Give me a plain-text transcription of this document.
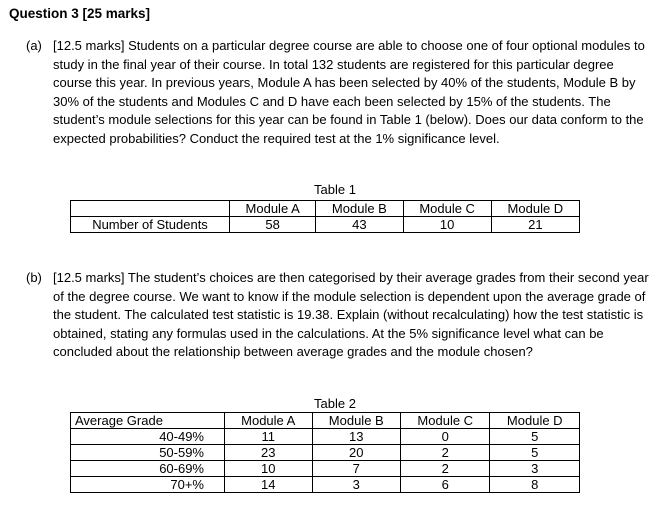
Question 3 [25 marks]
(a) [12.5 marks] Students on a particular degree course are able to choose one of four optional modules to study in the final year of their course. In total 132 students are registered for this particular degree course this year. In previous years, Module A has been selected by 40% of the students, Module B by 30% of the students and Modules C and D have each been selected by 15% of the students. The student’s module selections for this year can be found in Table 1 (below). Does our data conform to the expected probabilities? Conduct the required test at the 1% significance level.
Table 1
	Module A	Module B	Module C	Module D
Number of Students	58	43	10	21
(b) [12.5 marks] The student’s choices are then categorised by their average grades from their second year of the degree course. We want to know if the module selection is dependent upon the average grade of the student. The calculated test statistic is 19.38. Explain (without recalculating) how the test statistic is obtained, stating any formulas used in the calculations. At the 5% significance level what can be concluded about the relationship between average grades and the module chosen?
Table 2
Average Grade	Module A	Module B	Module C	Module D
40-49%	11	13	0	5
50-59%	23	20	2	5
60-69%	10	7	2	3
70+%	14	3	6	8
